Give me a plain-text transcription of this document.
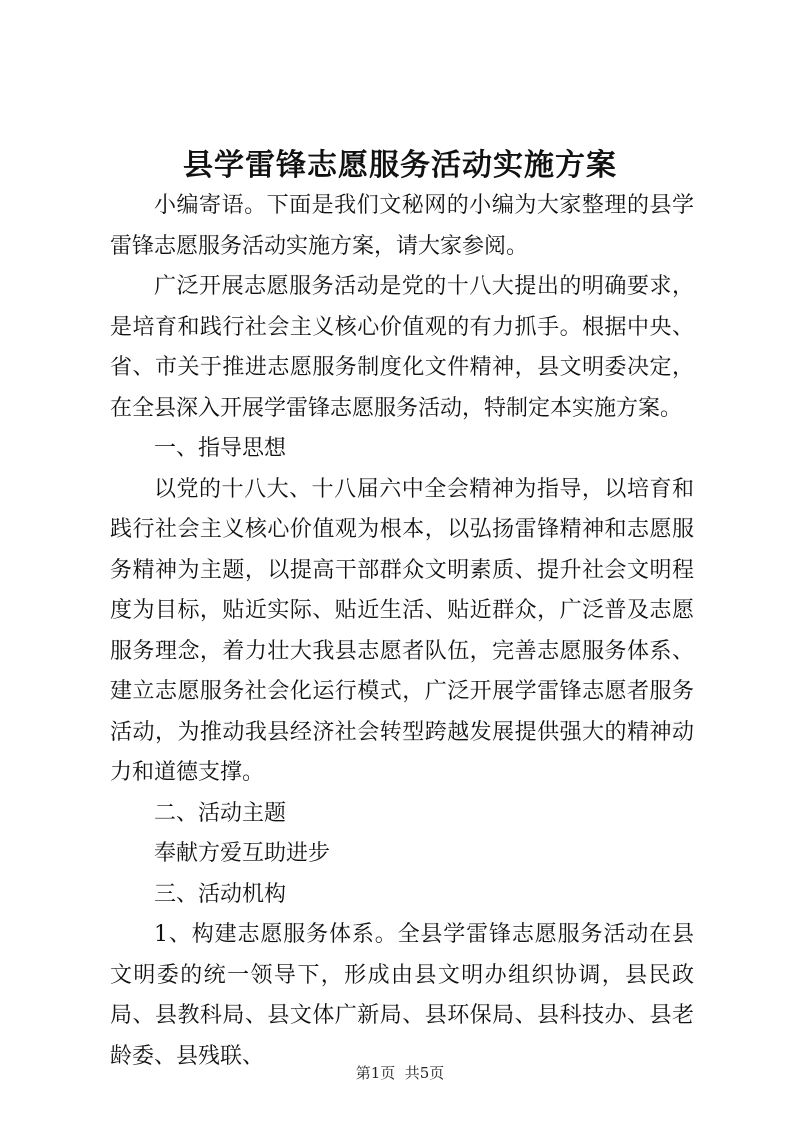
县学雷锋志愿服务活动实施方案

小编寄语。下面是我们文秘网的小编为大家整理的县学雷锋志愿服务活动实施方案，请大家参阅。

广泛开展志愿服务活动是党的十八大提出的明确要求，是培育和践行社会主义核心价值观的有力抓手。根据中央、省、市关于推进志愿服务制度化文件精神，县文明委决定，在全县深入开展学雷锋志愿服务活动，特制定本实施方案。

一、指导思想

以党的十八大、十八届六中全会精神为指导，以培育和践行社会主义核心价值观为根本，以弘扬雷锋精神和志愿服务精神为主题，以提高干部群众文明素质、提升社会文明程度为目标，贴近实际、贴近生活、贴近群众，广泛普及志愿服务理念，着力壮大我县志愿者队伍，完善志愿服务体系、建立志愿服务社会化运行模式，广泛开展学雷锋志愿者服务活动，为推动我县经济社会转型跨越发展提供强大的精神动力和道德支撑。

二、活动主题

奉献方爱互助进步

三、活动机构

1、构建志愿服务体系。全县学雷锋志愿服务活动在县文明委的统一领导下，形成由县文明办组织协调，县民政局、县教科局、县文体广新局、县环保局、县科技办、县老龄委、县残联、

第1页  共5页
